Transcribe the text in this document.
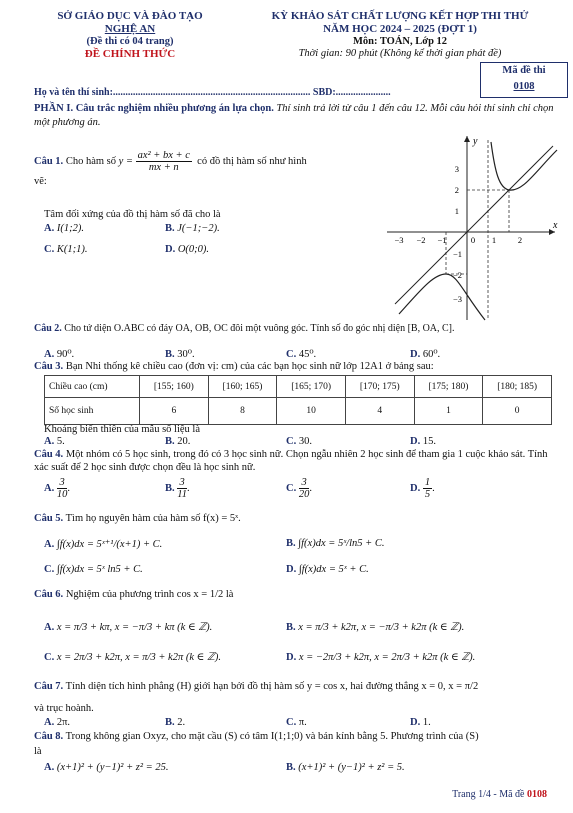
SỞ GIÁO DỤC VÀ ĐÀO TẠO
NGHỆ AN
(Đề thi có 04 trang)
ĐỀ CHÍNH THỨC
KỲ KHẢO SÁT CHẤT LƯỢNG KẾT HỢP THI THỬ
NĂM HỌC 2024 – 2025 (ĐỢT 1)
Môn: TOÁN, Lớp 12
Thời gian: 90 phút (Không kể thời gian phát đề)
Mã đề thi
0108
Họ và tên thí sinh:............................................................................... SBD:......................
PHẦN I. Câu trắc nghiệm nhiều phương án lựa chọn. Thí sinh trả lời từ câu 1 đến câu 12. Mỗi câu hỏi thí sinh chỉ chọn một phương án.
Câu 1. Cho hàm số $y = \frac{\text{ax² + bx + c}}{mx + n}$ có đồ thị hàm số như hình
vẽ:
Tâm đối xứng của đồ thị hàm số đã cho là
A. I(1;2).	B. J(−1;−2).
C. K(1;1).	D. O(0;0).
−3 −2 −1	0 1	2
3
2
1
−1
−2
−3
x
y
Câu 2. Cho tứ diện O.ABC có đáy OA, OB, OC đôi một vuông góc. Tính số đo góc nhị diện [B, OA, C].
A. 90⁰.	B. 30⁰.	C. 45⁰.	D. 60⁰.
Câu 3. Bạn Nhi thống kê chiều cao (đơn vị: cm) của các bạn học sinh nữ lớp 12A1 ở bảng sau:
Chiều cao (cm)	[155; 160)	[160; 165)	[165; 170)	[170; 175)	[175; 180)	[180; 185)
Số học sinh	6	8	10	4	1	0
Khoảng biến thiên của mẫu số liệu là
A. 5.	B. 20.	C. 30.	D. 15.
Câu 4. Một nhóm có 5 học sinh, trong đó có 3 học sinh nữ. Chọn ngẫu nhiên 2 học sinh để tham gia 1 cuộc khảo sát. Tính xác suất để 2 học sinh được chọn đều là học sinh nữ.
A. $\frac{3}{10}$ .	B. $\frac{3}{11}$ .	C. $\frac{3}{20}$ .	D. $\frac{1}{5}$ .
Câu 5. Tìm họ nguyên hàm của hàm số f(x) = 5ˣ.
A. ∫f(x)dx = 5ˣ⁺¹/(x+1) + C.	B. ∫f(x)dx = 5ˣ/ln5 + C.
C. ∫f(x)dx = 5ˣ ln5 + C.	D. ∫f(x)dx = 5ˣ + C.
Câu 6. Nghiệm của phương trình cos x = 1/2 là
A. x = π/3 + kπ, x = −π/3 + kπ (k ∈ ℤ).	B. x = π/3 + k2π, x = −π/3 + k2π (k ∈ ℤ).
C. x = 2π/3 + k2π, x = π/3 + k2π (k ∈ ℤ).	D. x = −2π/3 + k2π, x = 2π/3 + k2π (k ∈ ℤ).
Câu 7. Tính diện tích hình phẳng (H) giới hạn bởi đồ thị hàm số y = cos x, hai đường thẳng x = 0, x = π/2
và trục hoành.
A. 2π.	B. 2.	C. π.	D. 1.
Câu 8. Trong không gian Oxyz, cho mặt cầu (S) có tâm I(1;1;0) và bán kính bằng 5. Phương trình của (S)
là
A. (x+1)² + (y−1)² + z² = 25.	B. (x+1)² + (y−1)² + z² = 5.
Trang 1/4 - Mã đề 0108
